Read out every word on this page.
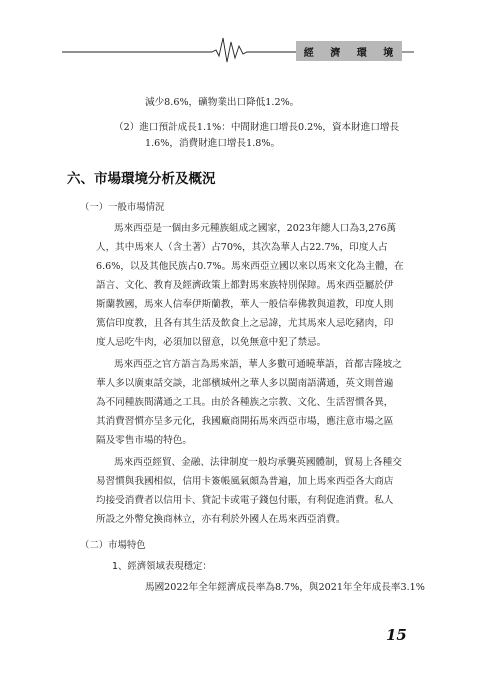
經 濟 環 境
減少8.6%，礦物業出口降低1.2%。
（2）進口預計成長1.1%：中間財進口增長0.2%，資本財進口增長
1.6%，消費財進口增長1.8%。
六、市場環境分析及概況
（一）一般市場情況
馬來西亞是一個由多元種族組成之國家，2023年總人口為3,276萬
人，其中馬來人（含土著）占70%，其次為華人占22.7%，印度人占
6.6%，以及其他民族占0.7%。馬來西亞立國以來以馬來文化為主體，在
語言、文化、教育及經濟政策上都對馬來族特別保障。馬來西亞屬於伊
斯蘭教國，馬來人信奉伊斯蘭教，華人一般信奉佛教與道教，印度人則
篤信印度教，且各有其生活及飲食上之忌諱，尤其馬來人忌吃豬肉，印
度人忌吃牛肉，必須加以留意，以免無意中犯了禁忌。
馬來西亞之官方語言為馬來語，華人多數可通曉華語，首都吉隆坡之
華人多以廣東話交談，北部檳城州之華人多以閩南語溝通，英文則普遍
為不同種族間溝通之工具。由於各種族之宗教、文化、生活習慣各異，
其消費習慣亦呈多元化，我國廠商開拓馬來西亞市場，應注意市場之區
隔及零售市場的特色。
馬來西亞經貿、金融、法律制度一般均承襲英國體制，貿易上各種交
易習慣與我國相似，信用卡簽帳風氣頗為普遍，加上馬來西亞各大商店
均接受消費者以信用卡、貸記卡或電子錢包付賬，有利促進消費。私人
所設之外幣兌換商林立，亦有利於外國人在馬來西亞消費。
（二）市場特色
1、經濟領域表現穩定：
馬國2022年全年經濟成長率為8.7%，與2021年全年成長率3.1%
15
